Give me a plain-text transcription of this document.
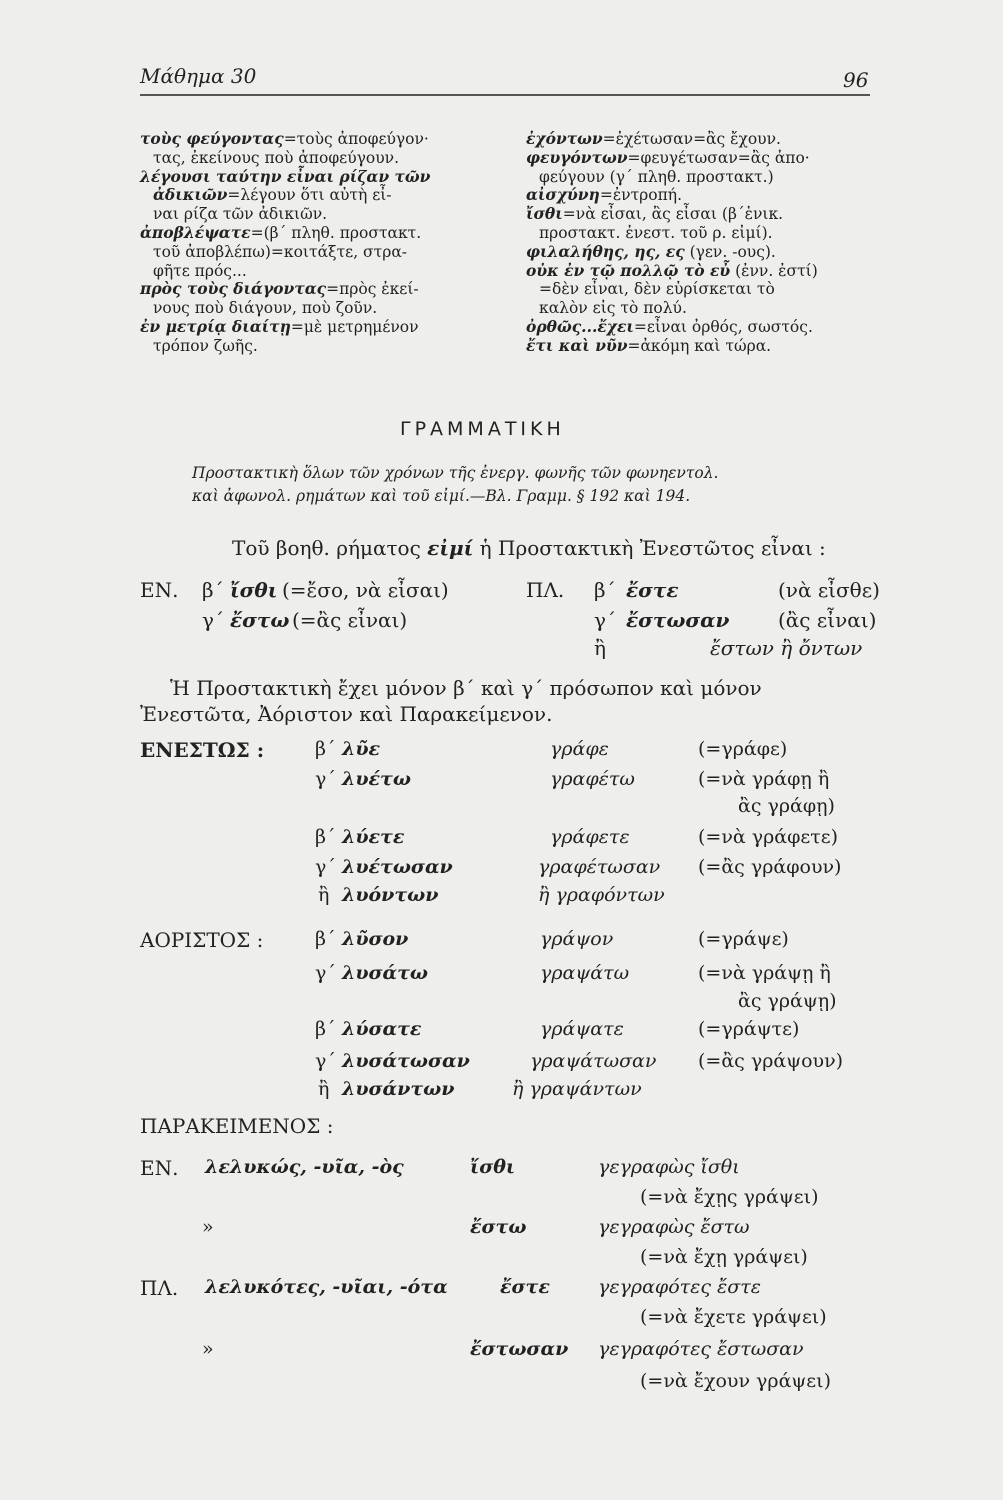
Μάθημα 30	96
τοὺς φεύγοντας=τοὺς ἀποφεύγον·
τας, ἐκείνους ποὺ ἀποφεύγουν.
λέγουσι ταύτην εἶναι ρίζαν τῶν
ἀδικιῶν=λέγουν ὅτι αὐτὴ εἶ-
ναι ρίζα τῶν ἀδικιῶν.
ἀποβλέψατε=(β΄ πληθ. προστακτ.
τοῦ ἀποβλέπω)=κοιτάξτε, στρα-
φῆτε πρός...
πρὸς τοὺς διάγοντας=πρὸς ἐκεί-
νους ποὺ διάγουν, ποὺ ζοῦν.
ἐν μετρίᾳ διαίτῃ=μὲ μετρημένον
τρόπον ζωῆς.
ἐχόντων=ἐχέτωσαν=ἂς ἔχουν.
φευγόντων=φευγέτωσαν=ἂς ἀπο·
φεύγουν (γ΄ πληθ. προστακτ.)
αἰσχύνη=ἐντροπή.
ἴσθι=νὰ εἶσαι, ἂς εἶσαι (β΄ἑνικ.
προστακτ. ἐνεστ. τοῦ ρ. εἰμί).
φιλαλήθης, ης, ες (γεν. -ους).
οὐκ ἐν τῷ πολλῷ τὸ εὖ (ἐνν. ἐστί)
=δὲν εἶναι, δὲν εὑρίσκεται τὸ
καλὸν εἰς τὸ πολύ.
ὀρθῶς...ἔχει=εἶναι ὀρθός, σωστός.
ἔτι καὶ νῦν=ἀκόμη καὶ τώρα.
ΓΡΑΜΜΑΤΙΚΗ
Προστακτικὴ ὅλων τῶν χρόνων τῆς ἐνεργ. φωνῆς τῶν φωνηεντολ.
καὶ ἀφωνολ. ρημάτων καὶ τοῦ εἰμί.—Βλ. Γραμμ. § 192 καὶ 194.
Τοῦ βοηθ. ρήματος εἰμί ἡ Προστακτικὴ Ἐνεστῶτος εἶναι :
ΕΝ. β΄ ἴσθι (=ἔσο, νὰ εἶσαι)
γ΄ ἔστω (=ἂς εἶναι)
ΠΛ. β΄ ἔστε	(νὰ εἶσθε)
γ΄ ἔστωσαν (ἂς εἶναι)
ἢ	ἔστων ἢ ὄντων
Ἡ Προστακτικὴ ἔχει μόνον β΄ καὶ γ΄ πρόσωπον καὶ μόνον
Ἐνεστῶτα, Ἀόριστον καὶ Παρακείμενον.
ΕΝΕΣΤΩΣ :	β΄ λῦε	γράφε	(=γράφε)
γ΄ λυέτω	γραφέτω	(=νὰ γράφῃ ἢ
ἂς γράφῃ)
β΄ λύετε	γράφετε	(=νὰ γράφετε)
γ΄ λυέτωσαν	γραφέτωσαν (=ἂς γράφουν)
ἢ λυόντων	ἢ γραφόντων
ΑΟΡΙΣΤΟΣ :	β΄ λῦσον	γράψον	(=γράψε)
γ΄ λυσάτω	γραψάτω	(=νὰ γράψῃ ἢ
ἂς γράψῃ)
β΄ λύσατε	γράψατε	(=γράψτε)
γ΄ λυσάτωσαν	γραψάτωσαν (=ἂς γράψουν)
ἢ λυσάντων	ἢ γραψάντων
ΠΑΡΑΚΕΙΜΕΝΟΣ :
ΕΝ. λελυκώς, -υῖα, -ὸς	ἴσθι	γεγραφὼς ἴσθι
(=νὰ ἔχῃς γράψει)
»	ἔστω	γεγραφὼς ἔστω
(=νὰ ἔχῃ γράψει)
ΠΛ. λελυκότες, -υῖαι, -ότα	ἔστε	γεγραφότες ἔστε
(=νὰ ἔχετε γράψει)
»	ἔστωσαν γεγραφότες ἔστωσαν
(=νὰ ἔχουν γράψει)
